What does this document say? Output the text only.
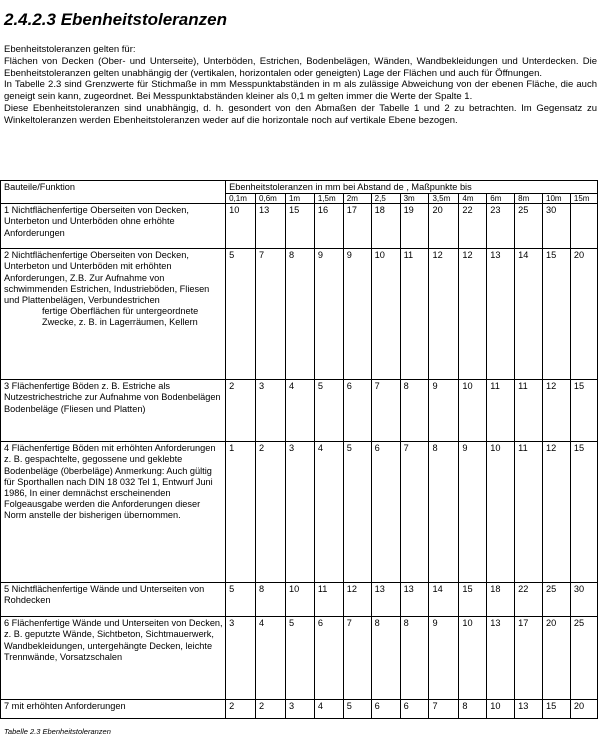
2.4.2.3 Ebenheitstoleranzen

Ebenheitstoleranzen gelten für:

Flächen von Decken (Ober- und Unterseite), Unterböden, Estrichen, Bodenbelägen, Wänden, Wandbekleidungen und Unterdecken. Die Ebenheitstoleranzen gelten unabhängig der (vertikalen, horizontalen oder geneigten) Lage der Flächen und auch für Öffnungen.

In Tabelle 2.3 sind Grenzwerte für Stichmaße in mm Messpunktabständen in m als zulässige Abweichung von der ebenen Fläche, die auch geneigt sein kann, zugeordnet. Bei Messpunktabständen kleiner als 0,1 m gelten immer die Werte der Spalte 1.

Diese Ebenheitstoleranzen sind unabhängig, d. h. gesondert von den Abmaßen der Tabelle 1 und 2 zu betrachten. Im Gegensatz zu Winkeltoleranzen werden Ebenheitstoleranzen weder auf die horizontale noch auf vertikale Ebene bezogen.

Bauteile/Funktion	Ebenheitstoleranzen in mm bei Abstand de , Maßpunkte bis												
	0,1m	0,6m	1m	1,5m	2m	2,5	3m	3,5m	4m	6m	8m	10m	15m
1 Nichtflächenfertige Oberseiten von Decken, Unterbeton und Unterböden ohne erhöhte Anforderungen	10	13	15	16	17	18	19	20	22	23	25	30	
2 Nichtflächenfertige Oberseiten von Decken, Unterbeton und Unterböden mit erhöhten Anforderungen, Z.B. Zur Aufnahme von schwimmenden Estrichen, Industrieböden, Fliesen und Plattenbelägen, Verbundestrichen
fertige Oberflächen für untergeordnete Zwecke, z. B. in Lagerräumen, Kellern	5	7	8	9	9	10	11	12	12	13	14	15	20
3 Flächenfertige Böden z. B. Estriche als Nutzestrichestriche zur Aufnahme von Bodenbelägen Bodenbeläge (Fliesen und Platten)	2	3	4	5	6	7	8	9	10	11	11	12	15
4 Flächenfertige Böden mit erhöhten Anforderungen z. B. gespachtelte, gegossene und geklebte Bodenbeläge (0berbeläge) Anmerkung: Auch gültig für Sporthallen nach DIN 18 032 Tel 1, Entwurf Juni 1986, In einer demnächst erscheinenden Folgeausgabe werden die Anforderungen dieser Norm anstelle der bisherigen übernommen.	1	2	3	4	5	6	7	8	9	10	11	12	15
5 Nichtflächenfertige Wände und Unterseiten von Rohdecken	5	8	10	11	12	13	13	14	15	18	22	25	30
6 Flächenfertige Wände und Unterseiten von Decken, z. B. geputzte Wände, Sichtbeton, Sichtmauerwerk, Wandbekleidungen, untergehängte Decken, leichte Trennwände, Vorsatzschalen	3	4	5	6	7	8	8	9	10	13	17	20	25
7 mit erhöhten Anforderungen	2	2	3	4	5	6	6	7	8	10	13	15	20
Tabelle 2.3 Ebenheitstoleranzen
